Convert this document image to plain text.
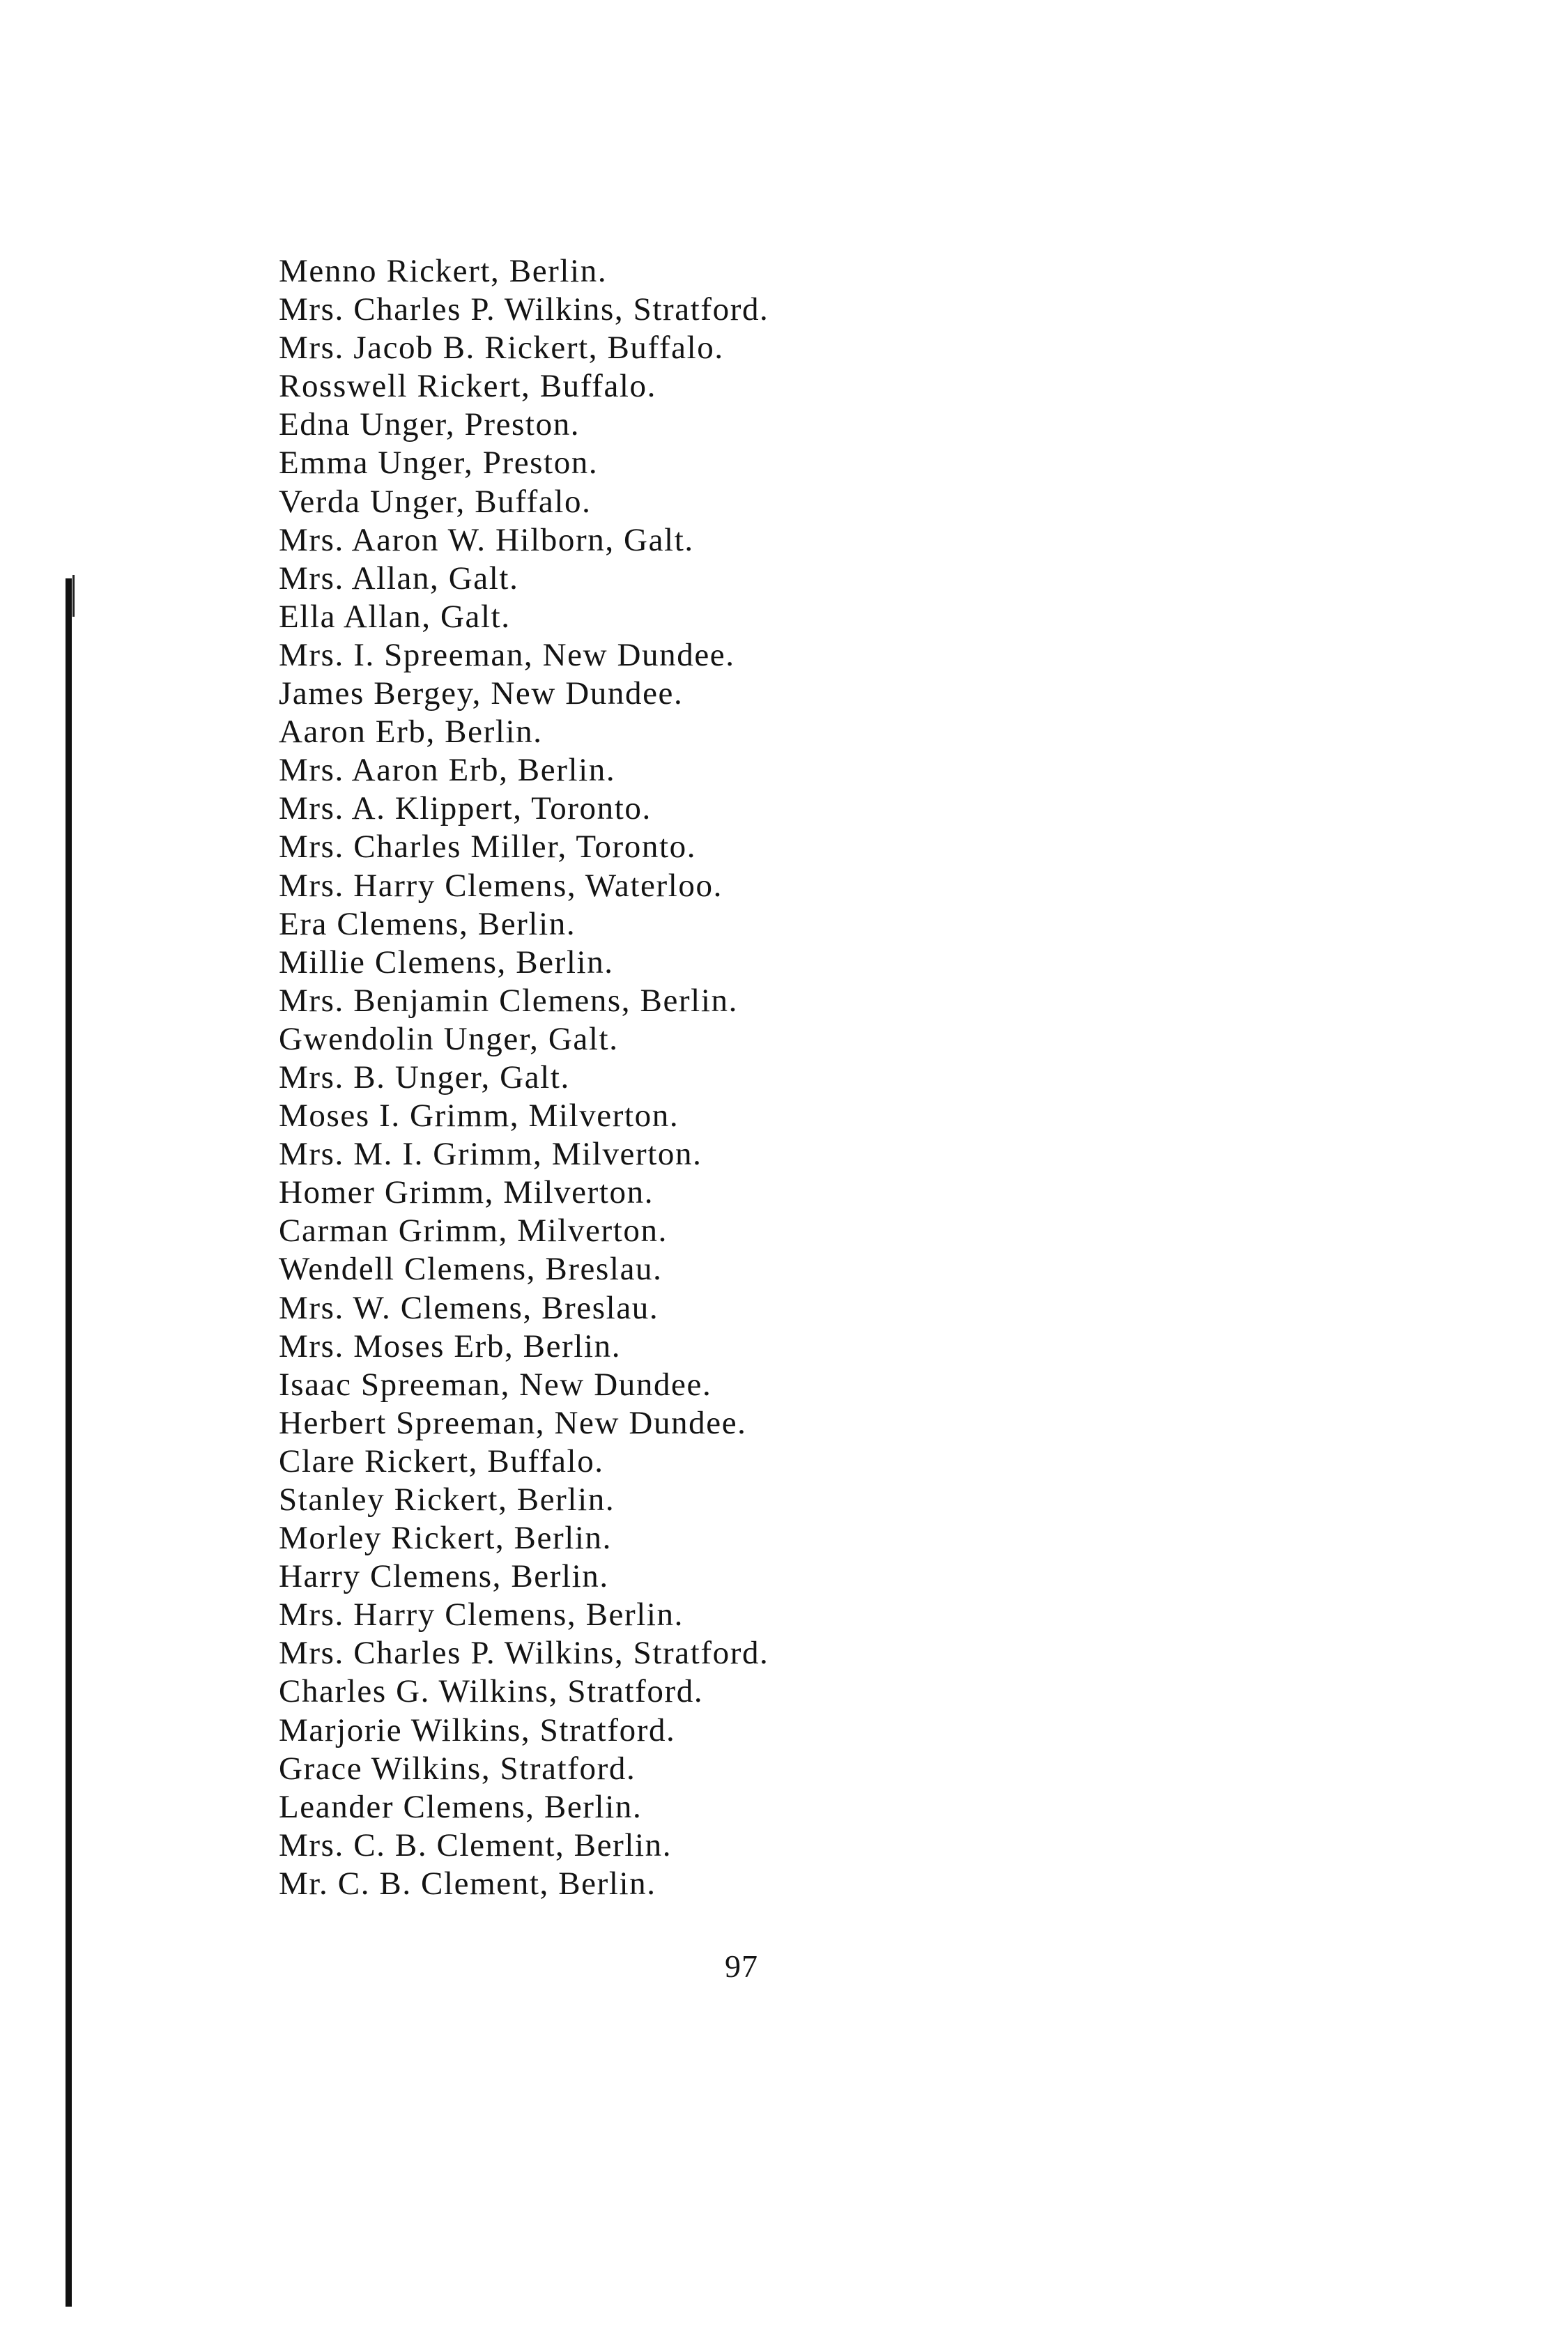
Menno Rickert, Berlin.
Mrs. Charles P. Wilkins, Stratford.
Mrs. Jacob B. Rickert, Buffalo.
Rosswell Rickert, Buffalo.
Edna Unger, Preston.
Emma Unger, Preston.
Verda Unger, Buffalo.
Mrs. Aaron W. Hilborn, Galt.
Mrs. Allan, Galt.
Ella Allan, Galt.
Mrs. I. Spreeman, New Dundee.
James Bergey, New Dundee.
Aaron Erb, Berlin.
Mrs. Aaron Erb, Berlin.
Mrs. A. Klippert, Toronto.
Mrs. Charles Miller, Toronto.
Mrs. Harry Clemens, Waterloo.
Era Clemens, Berlin.
Millie Clemens, Berlin.
Mrs. Benjamin Clemens, Berlin.
Gwendolin Unger, Galt.
Mrs. B. Unger, Galt.
Moses I. Grimm, Milverton.
Mrs. M. I. Grimm, Milverton.
Homer Grimm, Milverton.
Carman Grimm, Milverton.
Wendell Clemens, Breslau.
Mrs. W. Clemens, Breslau.
Mrs. Moses Erb, Berlin.
Isaac Spreeman, New Dundee.
Herbert Spreeman, New Dundee.
Clare Rickert, Buffalo.
Stanley Rickert, Berlin.
Morley Rickert, Berlin.
Harry Clemens, Berlin.
Mrs. Harry Clemens, Berlin.
Mrs. Charles P. Wilkins, Stratford.
Charles G. Wilkins, Stratford.
Marjorie Wilkins, Stratford.
Grace Wilkins, Stratford.
Leander Clemens, Berlin.
Mrs. C. B. Clement, Berlin.
Mr. C. B. Clement, Berlin.
97
